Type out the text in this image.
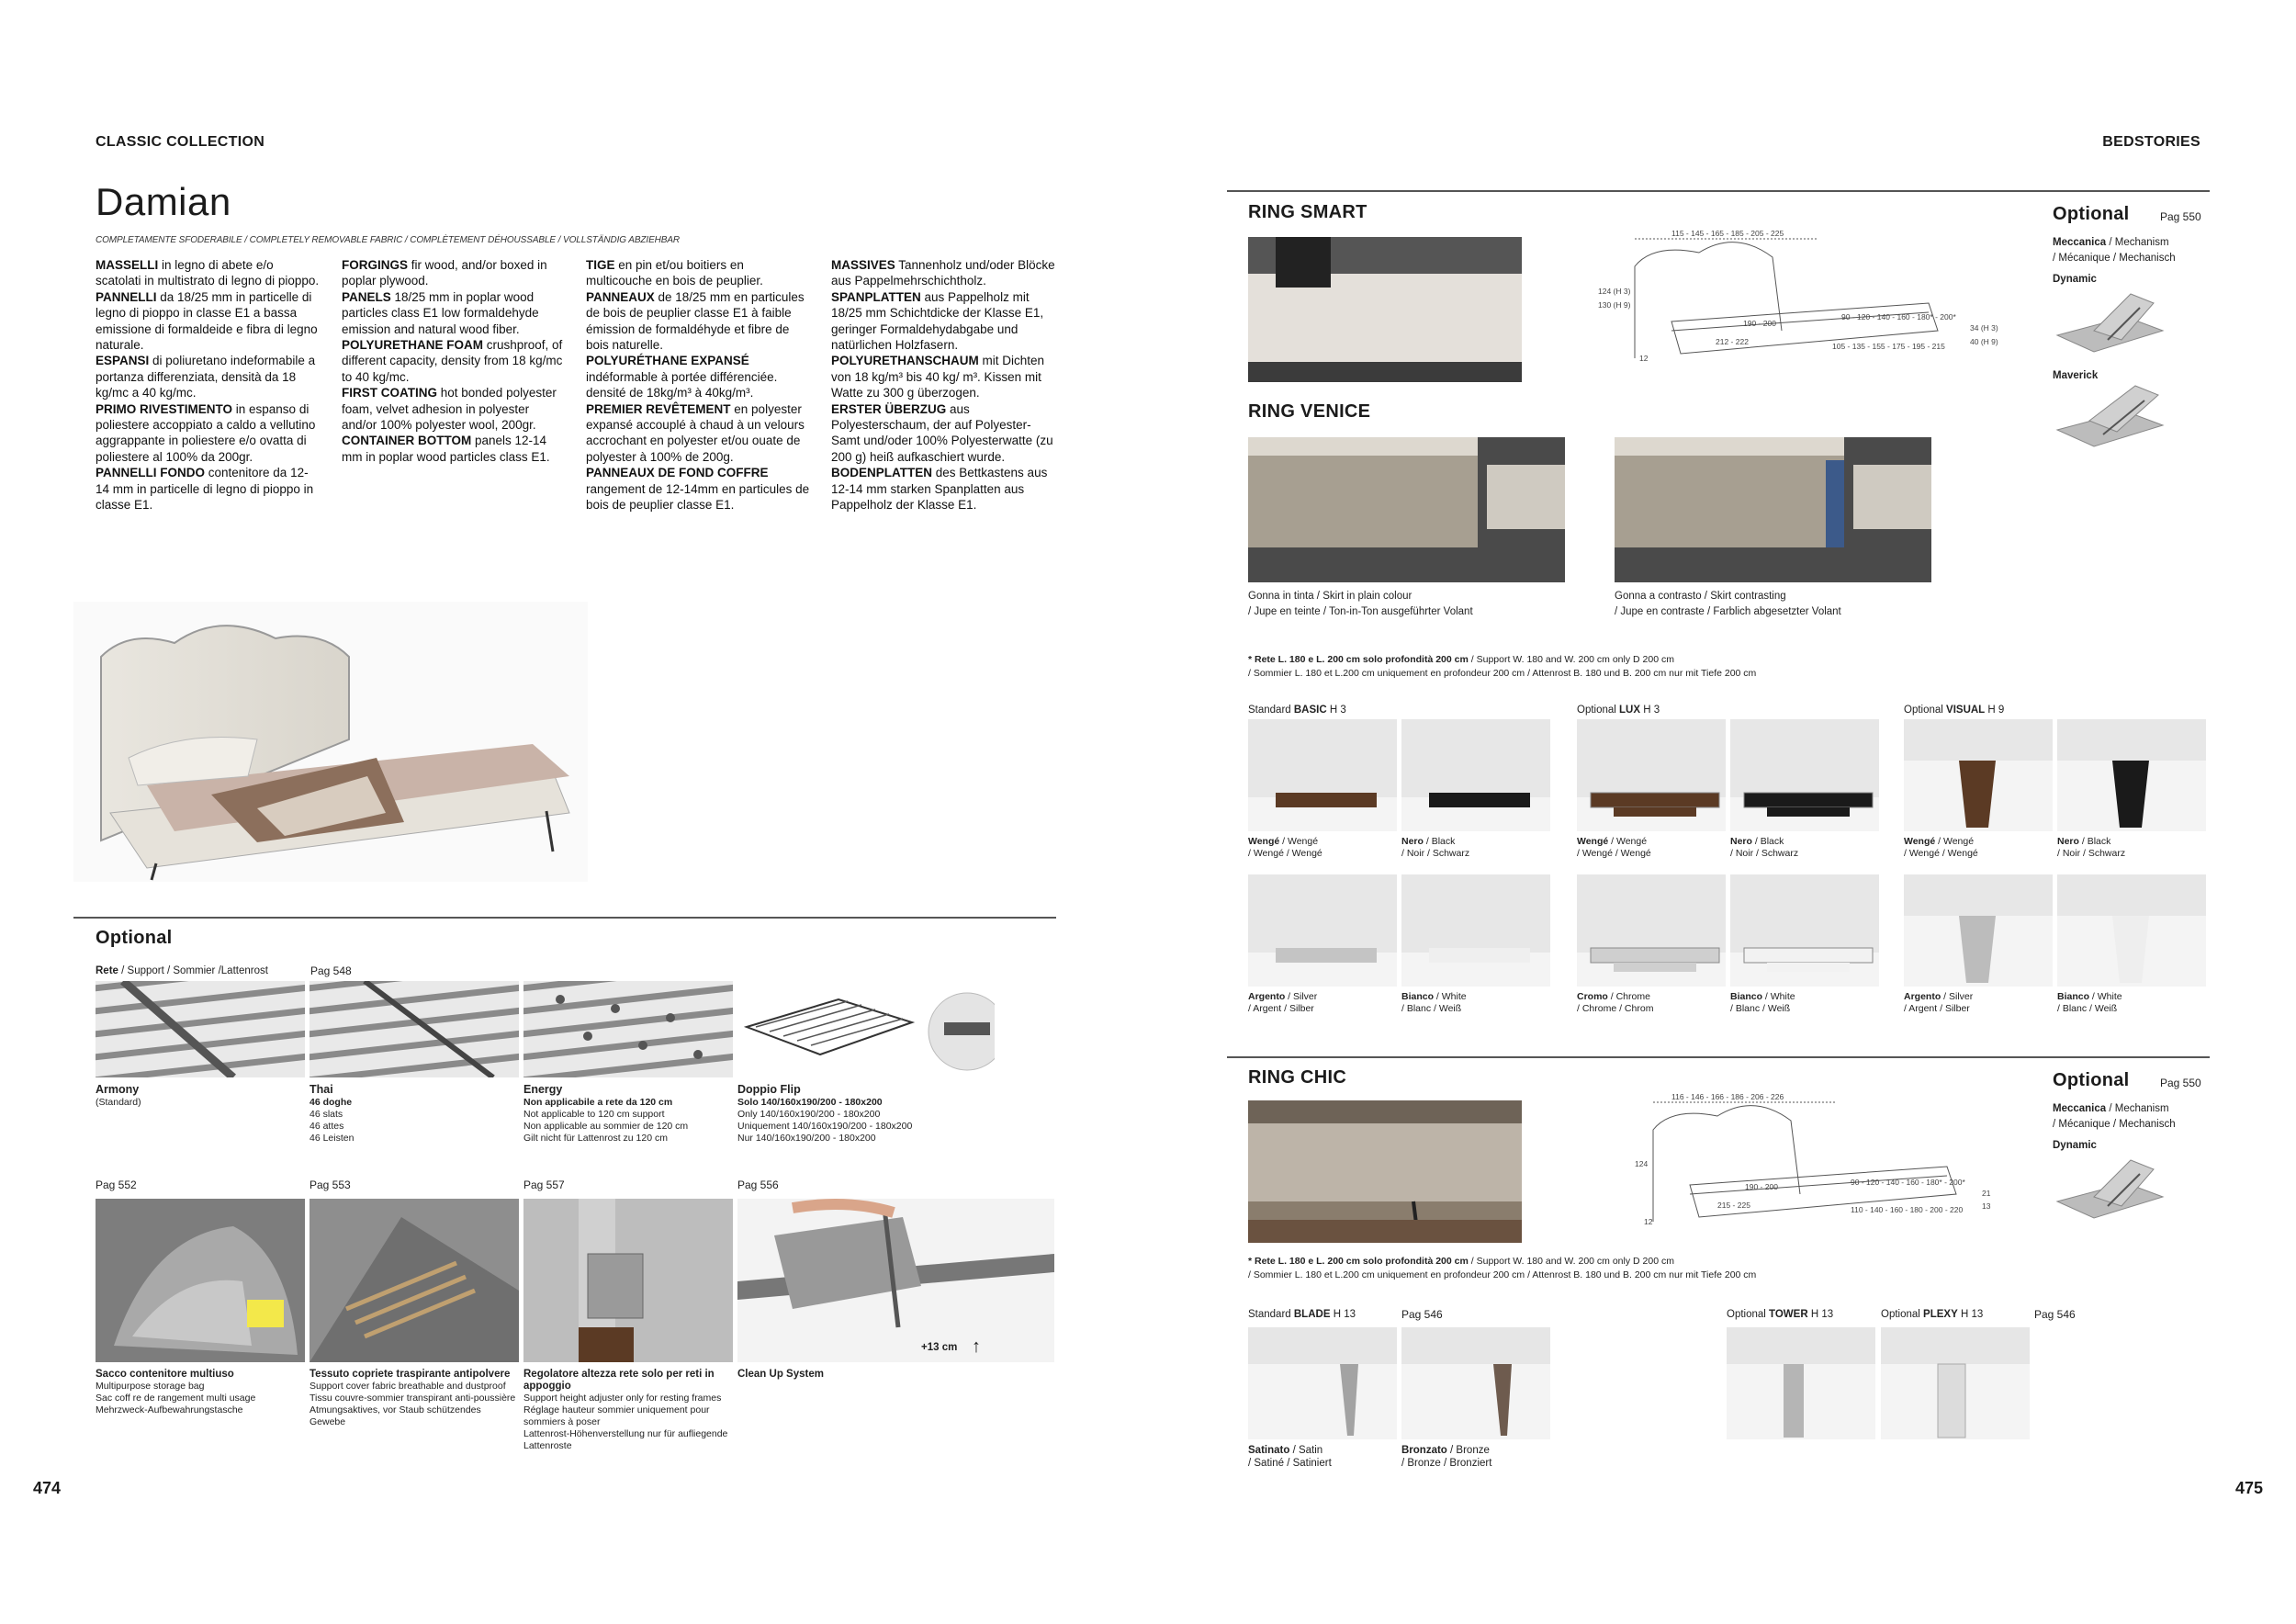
CLASSIC COLLECTION	BEDSTORIES
Damian
COMPLETAMENTE SFODERABILE / COMPLETELY REMOVABLE FABRIC / COMPLÈTEMENT DÉHOUSSABLE / VOLLSTÄNDIG ABZIEHBAR
MASSELLI in legno di abete e/o scatolati in multistrato di legno di pioppo.
PANNELLI da 18/25 mm in particelle di legno di pioppo in classe E1 a bassa emissione di formaldeide e fibra di legno naturale.
ESPANSI di poliuretano indeformabile a portanza differenziata, densità da 18 kg/mc a 40 kg/mc.
PRIMO RIVESTIMENTO in espanso di poliestere accoppiato a caldo a vellutino aggrappante in poliestere e/o ovatta di poliestere al 100% da 200gr.
PANNELLI FONDO contenitore da 12-14 mm in particelle di legno di pioppo in classe E1.
FORGINGS fir wood, and/or boxed in poplar plywood.
PANELS 18/25 mm in poplar wood particles class E1 low formaldehyde emission and natural wood fiber.
POLYURETHANE FOAM crushproof, of different capacity, density from 18 kg/mc to 40 kg/mc.
FIRST COATING hot bonded polyester foam, velvet adhesion in polyester and/or 100% polyester wool, 200gr.
CONTAINER BOTTOM panels 12-14 mm in poplar wood particles class E1.
TIGE en pin et/ou boitiers en multicouche en bois de peuplier.
PANNEAUX de 18/25 mm en particules de bois de peuplier classe E1 à faible émission de formaldéhyde et fibre de bois naturelle.
POLYURÉTHANE EXPANSÉ indéformable à portée différenciée. densité de 18kg/m³ à 40kg/m³.
PREMIER REVÊTEMENT en polyester expansé accouplé à chaud à un velours accrochant en polyester et/ou ouate de polyester à 100% de 200g.
PANNEAUX DE FOND COFFRE rangement de 12-14mm en particules de bois de peuplier classe E1.
MASSIVES Tannenholz und/oder Blöcke aus Pappelmehrschichtholz.
SPANPLATTEN aus Pappelholz mit 18/25 mm Schichtdicke der Klasse E1, geringer Formaldehydabgabe und natürlichen Holzfasern.
POLYURETHANSCHAUM mit Dichten von 18 kg/m³ bis 40 kg/ m³. Kissen mit Watte zu 300 g überzogen.
ERSTER ÜBERZUG aus Polyesterschaum, der auf Polyester-Samt und/oder 100% Polyesterwatte (zu 200 g) heiß aufkaschiert wurde.
BODENPLATTEN des Bettkastens aus 12-14 mm starken Spanplatten aus Pappelholz der Klasse E1.
Optional
Rete / Support / Sommier /Lattenrost	Pag 548
Armony
(Standard)
Thai
46 doghe
46 slats
46 attes
46 Leisten
Energy
Non applicabile a rete da 120 cm
Not applicable to 120 cm support
Non applicable au sommier de 120 cm
Gilt nicht für Lattenrost zu 120 cm
Doppio Flip
Solo 140/160x190/200 - 180x200
Only 140/160x190/200 - 180x200
Uniquement 140/160x190/200 - 180x200
Nur 140/160x190/200 - 180x200
Pag 552
Sacco contenitore multiuso
Multipurpose storage bag
Sac coff re de rangement multi usage
Mehrzweck-Aufbewahrungstasche
Pag 553
Tessuto copriete traspirante antipolvere
Support cover fabric breathable and dustproof
Tissu couvre-sommier transpirant anti-poussière
Atmungsaktives, vor Staub schützendes Gewebe
Pag 557
Regolatore altezza rete solo per reti in appoggio
Support height adjuster only for resting frames
Réglage hauteur sommier uniquement pour sommiers à poser
Lattenrost-Höhenverstellung nur für aufliegende Lattenroste
Pag 556
Clean Up System
+13 cm ↑
474
RING SMART
115 - 145 - 165 - 185 - 205 - 225
124 (H 3)
130 (H 9)
12
190 - 200
212 - 222
90 - 120 - 140 - 160 - 180* - 200*
105 - 135 - 155 - 175 - 195 - 215
34 (H 3)
40 (H 9)
Optional	Pag 550
Meccanica / Mechanism
/ Mécanique / Mechanisch
Dynamic
Maverick
RING VENICE
Gonna in tinta / Skirt in plain colour
/ Jupe en teinte / Ton-in-Ton ausgeführter Volant
Gonna a contrasto / Skirt contrasting
/ Jupe en contraste / Farblich abgesetzter Volant
* Rete L. 180 e L. 200 cm solo profondità 200 cm / Support W. 180 and W. 200 cm only D 200 cm
/ Sommier L. 180 et L.200 cm uniquement en profondeur 200 cm / Attenrost B. 180 und B. 200 cm nur mit Tiefe 200 cm
Standard BASIC H 3	Optional LUX H 3	Optional VISUAL H 9
Wengé / Wengé
/ Wengé / Wengé
Argento / Silver
/ Argent / Silber
Nero / Black
/ Noir / Schwarz
Bianco / White
/ Blanc / Weiß
Wengé / Wengé
/ Wengé / Wengé
Cromo / Chrome
/ Chrome / Chrom
Nero / Black
/ Noir / Schwarz
Bianco / White
/ Blanc / Weiß
Wengé / Wengé
/ Wengé / Wengé
Argento / Silver
/ Argent / Silber
Nero / Black
/ Noir / Schwarz
Bianco / White
/ Blanc / Weiß
RING CHIC
116 - 146 - 166 - 186 - 206 - 226
124
12
190 - 200
215 - 225
90 - 120 - 140 - 160 - 180* - 200*
110 - 140 - 160 - 180 - 200 - 220
21
13
Optional	Pag 550
Meccanica / Mechanism
/ Mécanique / Mechanisch
Dynamic
* Rete L. 180 e L. 200 cm solo profondità 200 cm / Support W. 180 and W. 200 cm only D 200 cm
/ Sommier L. 180 et L.200 cm uniquement en profondeur 200 cm / Attenrost B. 180 und B. 200 cm nur mit Tiefe 200 cm
Standard BLADE H 13	Pag 546	Optional TOWER H 13	Optional PLEXY H 13	Pag 546
Satinato / Satin
/ Satiné / Satiniert
Bronzato / Bronze
/ Bronze / Bronziert
475
